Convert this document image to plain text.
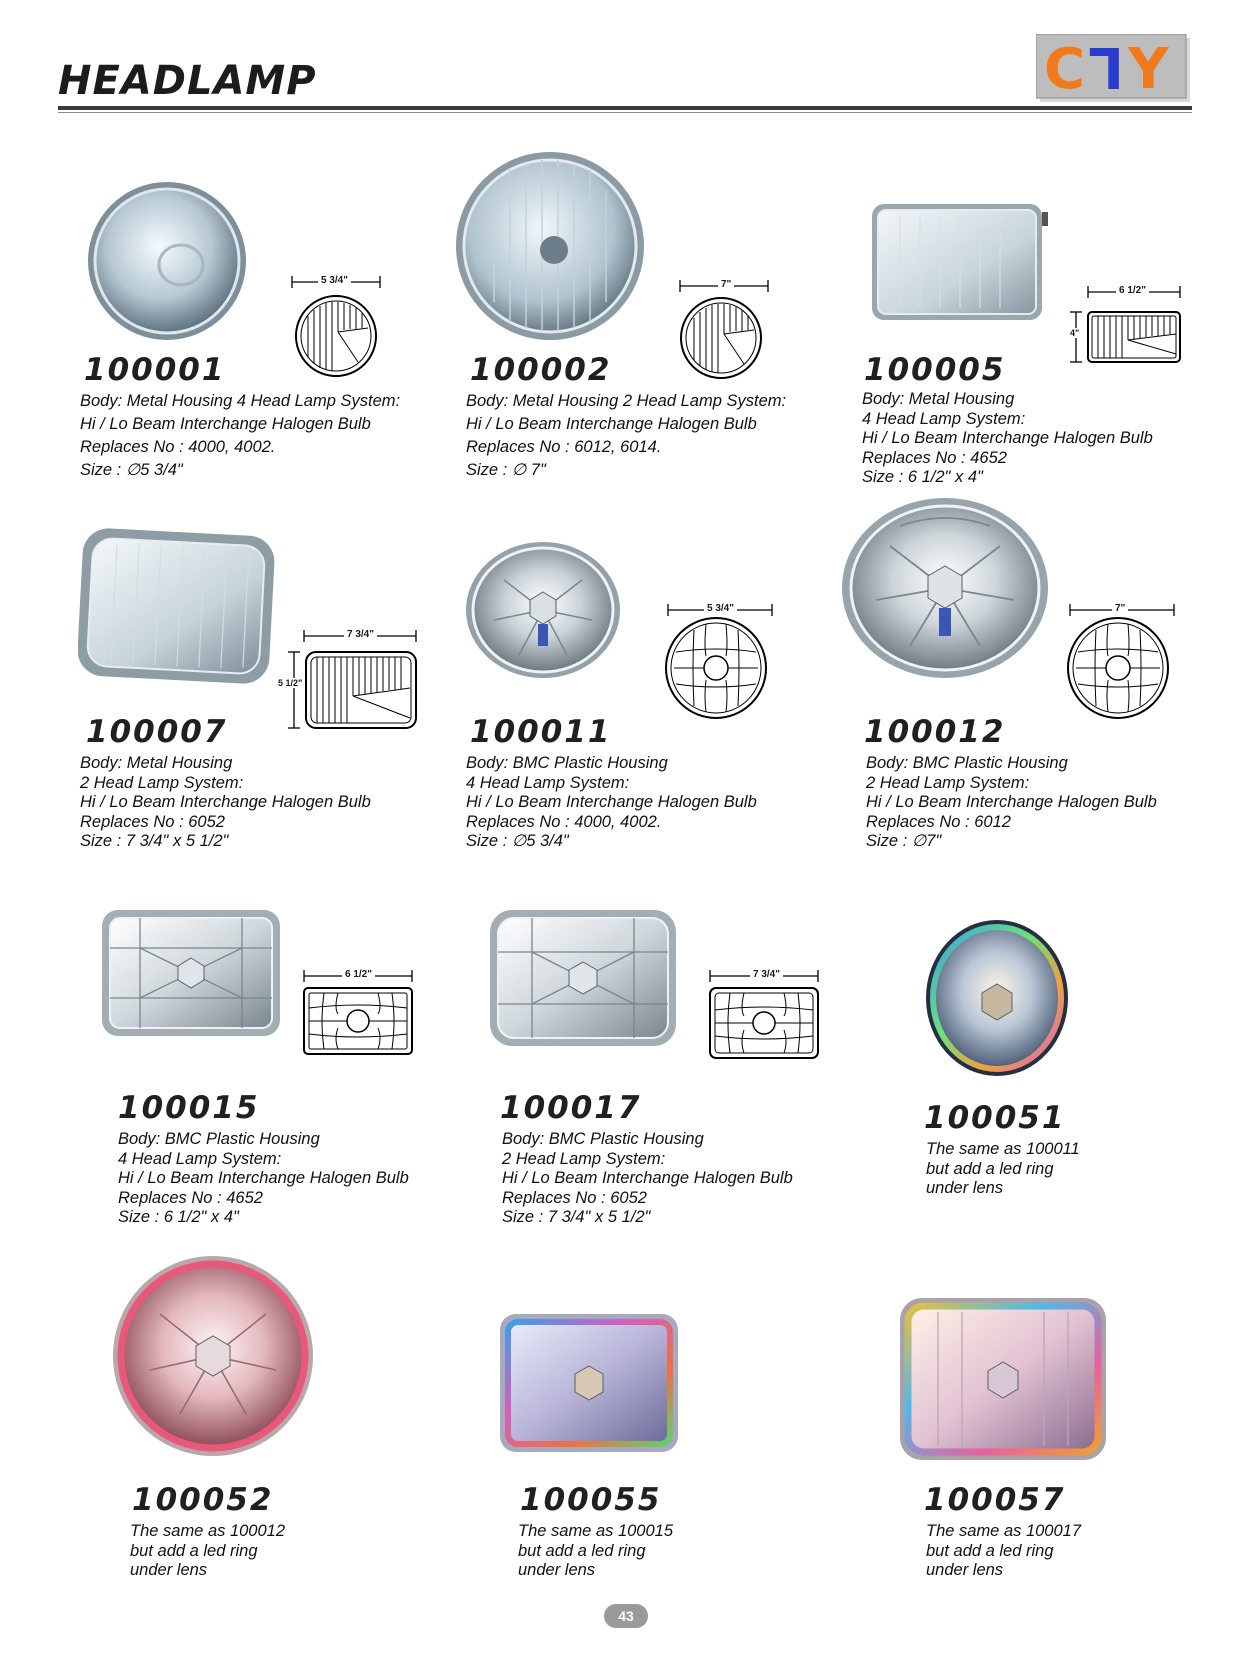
HEADLAMP	C L Y
5 3/4"
100001
Body: Metal Housing 4 Head Lamp System:
Hi / Lo Beam Interchange Halogen Bulb
Replaces No : 4000, 4002.
Size : ∅5 3/4"
7"
100002
Body: Metal Housing 2 Head Lamp System:
Hi / Lo Beam Interchange Halogen Bulb
Replaces No : 6012, 6014.
Size : ∅ 7"
6 1/2"
4"
100005
Body: Metal Housing
4 Head Lamp System:
Hi / Lo Beam Interchange Halogen Bulb
Replaces No : 4652
Size : 6 1/2" x 4"
7 3/4"
5 1/2"
100007
Body: Metal Housing
2 Head Lamp System:
Hi / Lo Beam Interchange Halogen Bulb
Replaces No : 6052
Size : 7 3/4" x 5 1/2"
5 3/4"
100011
Body: BMC Plastic Housing
4 Head Lamp System:
Hi / Lo Beam Interchange Halogen Bulb
Replaces No : 4000, 4002.
Size : ∅5 3/4"
7"
100012
Body: BMC Plastic Housing
2 Head Lamp System:
Hi / Lo Beam Interchange Halogen Bulb
Replaces No : 6012
Size : ∅7"
6 1/2"
100015
Body: BMC Plastic Housing
4 Head Lamp System:
Hi / Lo Beam Interchange Halogen Bulb
Replaces No : 4652
Size : 6 1/2" x 4"
7 3/4"
100017
Body: BMC Plastic Housing
2 Head Lamp System:
Hi / Lo Beam Interchange Halogen Bulb
Replaces No : 6052
Size : 7 3/4" x 5 1/2"
100051
The same as 100011
but add a led ring
under lens
100052
The same as 100012
but add a led ring
under lens
100055
The same as 100015
but add a led ring
under lens
100057
The same as 100017
but add a led ring
under lens
43
